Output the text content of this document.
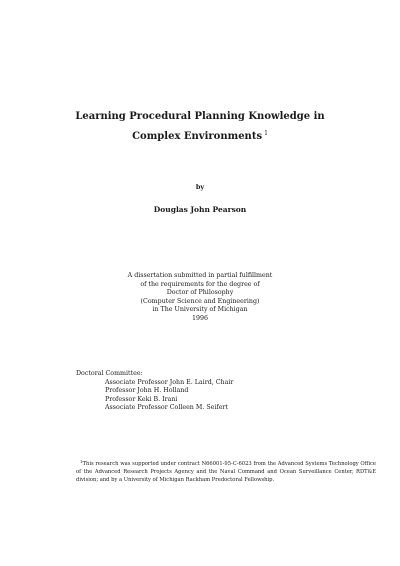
Learning Procedural Planning Knowledge in Complex Environments $^1$
by
Douglas John Pearson
A dissertation submitted in partial fulfillment
of the requirements for the degree of
Doctor of Philosophy
(Computer Science and Engineering)
in The University of Michigan
1996
Doctoral Committee:
Associate Professor John E. Laird, Chair
Professor John H. Holland
Professor Keki B. Irani
Associate Professor Colleen M. Seifert
$^1$This research was supported under contract N66001-95-C-6023 from the Advanced Systems Technology Office of the Advanced Research Projects Agency and the Naval Command and Ocean Surveillance Center, RDT&E division; and by a University of Michigan Rackham Predoctoral Fellowship.
